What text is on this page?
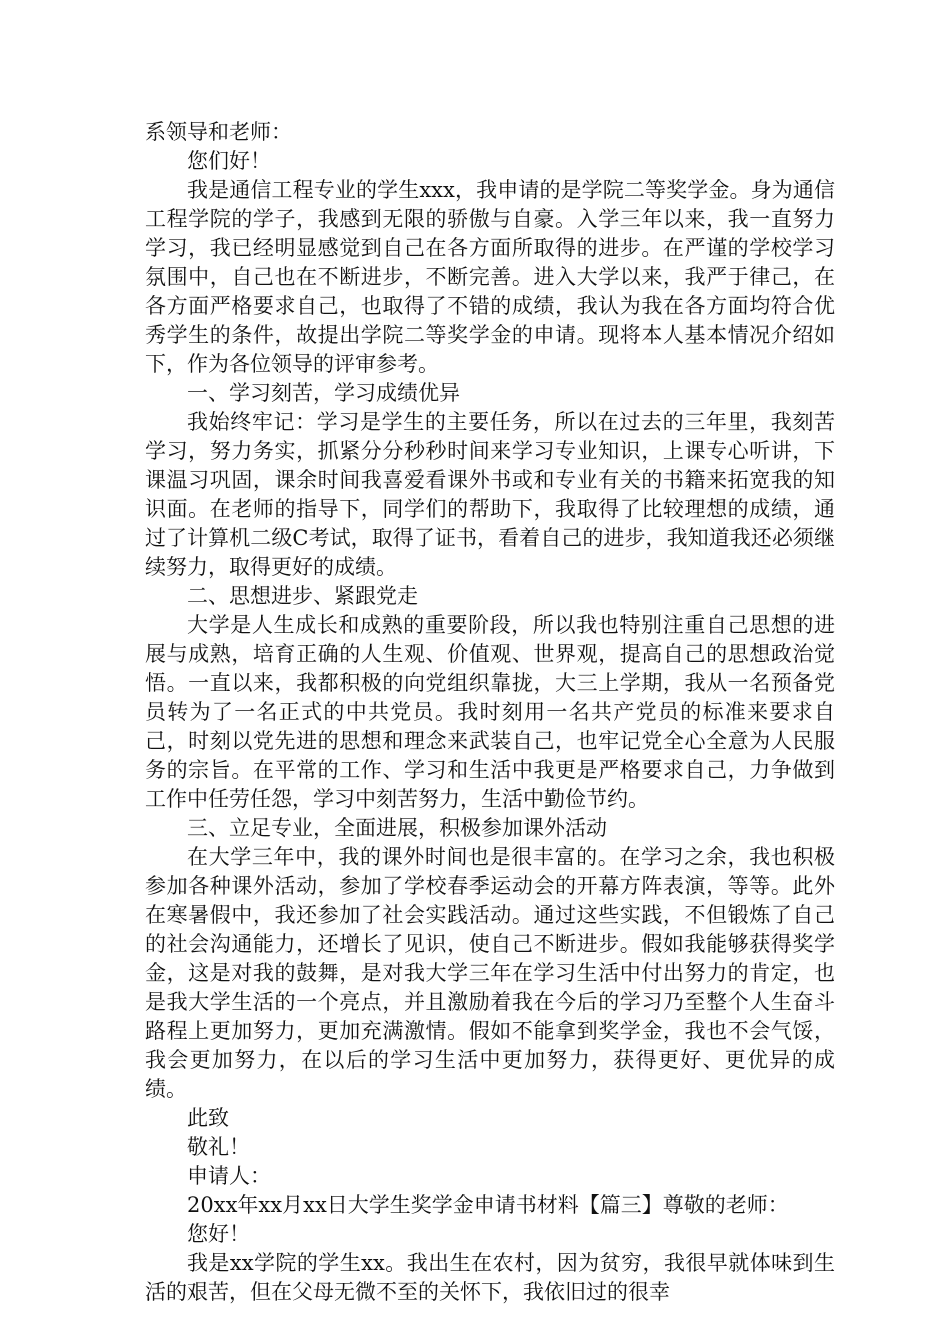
系领导和老师：

您们好！

我是通信工程专业的学生xxx，我申请的是学院二等奖学金。身为通信工程学院的学子，我感到无限的骄傲与自豪。入学三年以来，我一直努力学习，我已经明显感觉到自己在各方面所取得的进步。在严谨的学校学习氛围中，自己也在不断进步，不断完善。进入大学以来，我严于律己，在各方面严格要求自己，也取得了不错的成绩，我认为我在各方面均符合优秀学生的条件，故提出学院二等奖学金的申请。现将本人基本情况介绍如下，作为各位领导的评审参考。

一、学习刻苦，学习成绩优异

我始终牢记：学习是学生的主要任务，所以在过去的三年里，我刻苦学习，努力务实，抓紧分分秒秒时间来学习专业知识，上课专心听讲，下课温习巩固，课余时间我喜爱看课外书或和专业有关的书籍来拓宽我的知识面。在老师的指导下，同学们的帮助下，我取得了比较理想的成绩，通过了计算机二级C考试，取得了证书，看着自己的进步，我知道我还必须继续努力，取得更好的成绩。

二、思想进步、紧跟党走

大学是人生成长和成熟的重要阶段，所以我也特别注重自己思想的进展与成熟，培育正确的人生观、价值观、世界观，提高自己的思想政治觉悟。一直以来，我都积极的向党组织靠拢，大三上学期，我从一名预备党员转为了一名正式的中共党员。我时刻用一名共产党员的标准来要求自己，时刻以党先进的思想和理念来武装自己，也牢记党全心全意为人民服务的宗旨。在平常的工作、学习和生活中我更是严格要求自己，力争做到工作中任劳任怨，学习中刻苦努力，生活中勤俭节约。

三、立足专业，全面进展，积极参加课外活动

在大学三年中，我的课外时间也是很丰富的。在学习之余，我也积极参加各种课外活动，参加了学校春季运动会的开幕方阵表演，等等。此外在寒暑假中，我还参加了社会实践活动。通过这些实践，不但锻炼了自己的社会沟通能力，还增长了见识，使自己不断进步。假如我能够获得奖学金，这是对我的鼓舞，是对我大学三年在学习生活中付出努力的肯定，也是我大学生活的一个亮点，并且激励着我在今后的学习乃至整个人生奋斗路程上更加努力，更加充满激情。假如不能拿到奖学金，我也不会气馁，我会更加努力，在以后的学习生活中更加努力，获得更好、更优异的成绩。

此致

敬礼！

申请人：

20xx年xx月xx日大学生奖学金申请书材料【篇三】尊敬的老师：

您好！

我是xx学院的学生xx。我出生在农村，因为贫穷，我很早就体味到生活的艰苦，但在父母无微不至的关怀下，我依旧过的很幸
